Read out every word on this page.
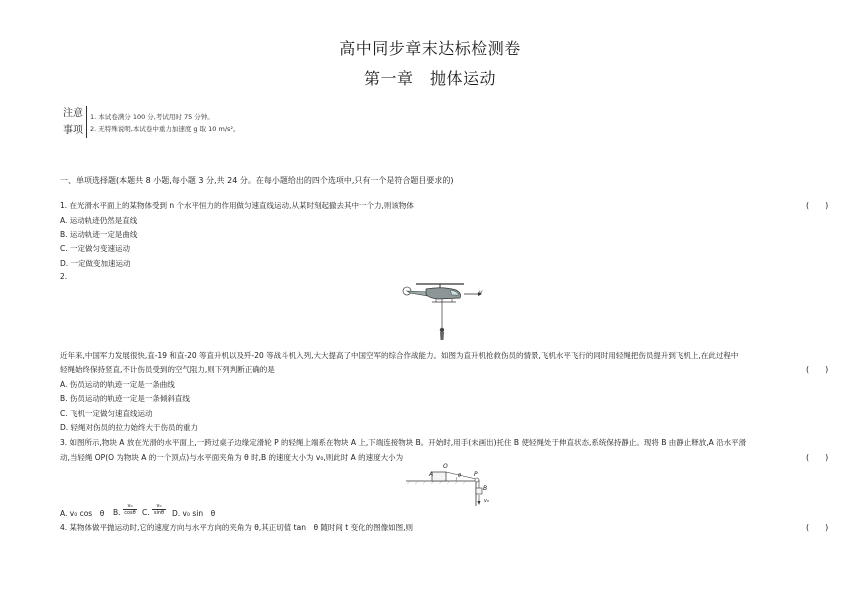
高中同步章末达标检测卷
第一章　抛体运动
注意
事项
1. 本试卷满分 100 分,考试用时 75 分钟。
2. 无特殊说明,本试卷中重力加速度 g 取 10 m/s²。
一、单项选择题(本题共 8 小题,每小题 3 分,共 24 分。在每小题给出的四个选项中,只有一个是符合题目要求的)
1. 在光滑水平面上的某物体受到 n 个水平恒力的作用做匀速直线运动,从某时刻起撤去其中一个力,则该物体	(　　)
A. 运动轨迹仍然是直线
B. 运动轨迹一定是曲线
C. 一定做匀变速运动
D. 一定做变加速运动
2.
v
近年来,中国军力发展很快,直-19 和直-20 等直升机以及歼-20 等战斗机入列,大大提高了中国空军的综合作战能力。如图为直升机抢救伤员的情景,飞机水平飞行的同时用轻绳把伤员提升到飞机上,在此过程中
轻绳始终保持竖直,不计伤员受到的空气阻力,则下列判断正确的是	(　　)
A. 伤员运动的轨迹一定是一条曲线
B. 伤员运动的轨迹一定是一条倾斜直线
C. 飞机一定做匀速直线运动
D. 轻绳对伤员的拉力始终大于伤员的重力
3. 如图所示,物块 A 放在光滑的水平面上,一跨过桌子边缘定滑轮 P 的轻绳上端系在物块 A 上,下端连接物块 B。开始时,用手(未画出)托住 B 使轻绳处于伸直状态,系统保持静止。现将 B 由静止释放,A 沿水平滑
动,当轻绳 OP(O 为物块 A 的一个顶点)与水平面夹角为 θ 时,B 的速度大小为 v₀,则此时 A 的速度大小为	(　　)
A
O
θ P
B
v₀
A. v₀ cos　θ B. $\frac{\text{v₀}}{\cos\theta} C$. $\frac{\text{v₀}}{\sin\theta} D$. v₀ sin　θ
4. 某物体做平抛运动时,它的速度方向与水平方向的夹角为 θ,其正切值 tan　θ 随时间 t 变化的图像如图,则	(　　)
